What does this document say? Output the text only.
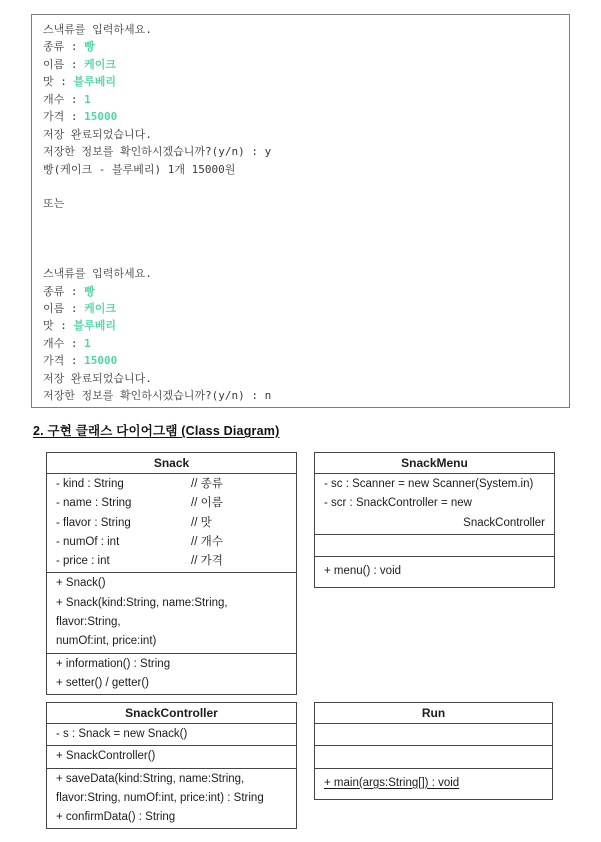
스낵류를 입력하세요.
종류 : 빵
이름 : 케이크
맛 : 블루베리
개수 : 1
가격 : 15000
저장 완료되었습니다.
저장한 정보를 확인하시겠습니까?(y/n) : y
빵(케이크 - 블루베리) 1개 15000원

또는

스낵류를 입력하세요.
종류 : 빵
이름 : 케이크
맛 : 블루베리
개수 : 1
가격 : 15000
저장 완료되었습니다.
저장한 정보를 확인하시겠습니까?(y/n) : n
2. 구현 클래스 다이어그램 (Class Diagram)
Snack
- kind : String	// 종류
- name : String	// 이름
- flavor : String	// 맛
- numOf : int	// 개수
- price : int	// 가격
+ Snack()
+ Snack(kind:String, name:String, flavor:String,
numOf:int, price:int)
+ information() : String
+ setter() / getter()
SnackMenu
- sc : Scanner = new Scanner(System.in)
- scr : SnackController = new
SnackController

+ menu() : void
SnackController
- s : Snack = new Snack()
+ SnackController()
+ saveData(kind:String, name:String,
flavor:String, numOf:int, price:int) : String
+ confirmData() : String
Run

+ main(args:String[]) : void
